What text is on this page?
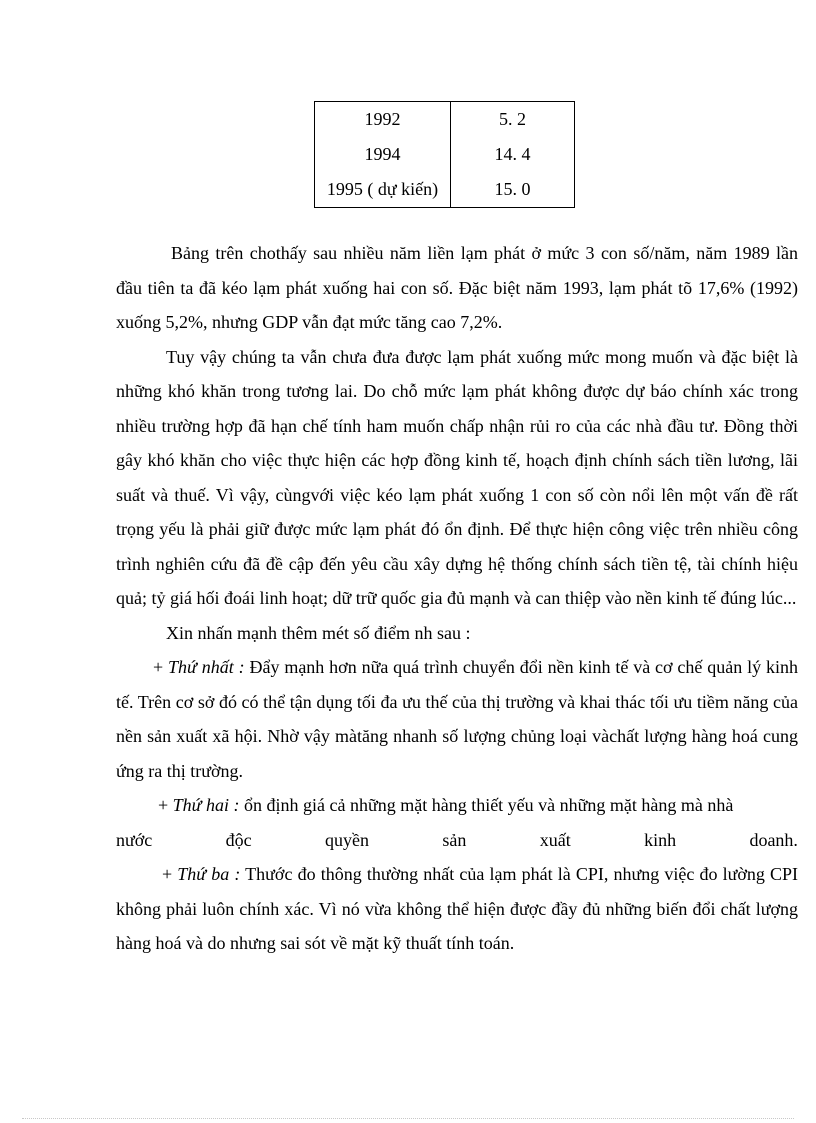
1992	5. 2
1994	14. 4
1995 ( dự kiến)	15. 0

Bảng trên chothấy sau nhiều năm liền lạm phát ở mức 3 con số/năm, năm 1989 lần đầu tiên ta đã kéo lạm phát xuống hai con số. Đặc biệt năm 1993, lạm phát tõ 17,6% (1992) xuống 5,2%, nhưng GDP vẫn đạt mức tăng cao 7,2%.

Tuy vậy chúng ta vẫn chưa đưa được lạm phát xuống mức mong muốn và đặc biệt là những khó khăn trong tương lai. Do chỗ mức lạm phát không được dự báo chính xác trong nhiều trường hợp đã hạn chế tính ham muốn chấp nhận rủi ro của các nhà đầu tư. Đồng thời gây khó khăn cho việc thực hiện các hợp đồng kinh tế, hoạch định chính sách tiền lương, lãi suất và thuế. Vì vậy, cùngvới việc kéo lạm phát xuống 1 con số còn nổi lên một vấn đề rất trọng yếu là phải giữ được mức lạm phát đó ổn định. Để thực hiện công việc trên nhiều công trình nghiên cứu đã đề cập đến yêu cầu xây dựng hệ thống chính sách tiền tệ, tài chính hiệu quả; tỷ giá hối đoái linh hoạt; dữ trữ quốc gia đủ mạnh và can thiệp vào nền kinh tế đúng lúc...

Xin nhấn mạnh thêm mét số điểm nh sau :

+ Thứ nhất : Đẩy mạnh hơn nữa quá trình chuyển đổi nền kinh tế và cơ chế quản lý kinh tế. Trên cơ sở đó có thể tận dụng tối đa ưu thế của thị trường và khai thác tối ưu tiềm năng của nền sản xuất xã hội. Nhờ vậy màtăng nhanh số lượng chủng loại vàchất lượng hàng hoá cung ứng ra thị trường.

+ Thứ hai : ổn định giá cả những mặt hàng thiết yếu và những mặt hàng mà nhà

nước	độc	quyền	sản	xuất	kinh	doanh.

+ Thứ ba : Thước đo thông thường nhất của lạm phát là CPI, nhưng việc đo lường CPI không phải luôn chính xác. Vì nó vừa không thể hiện được đầy đủ những biến đổi chất lượng hàng hoá và do nhưng sai sót về mặt kỹ thuất tính toán.
